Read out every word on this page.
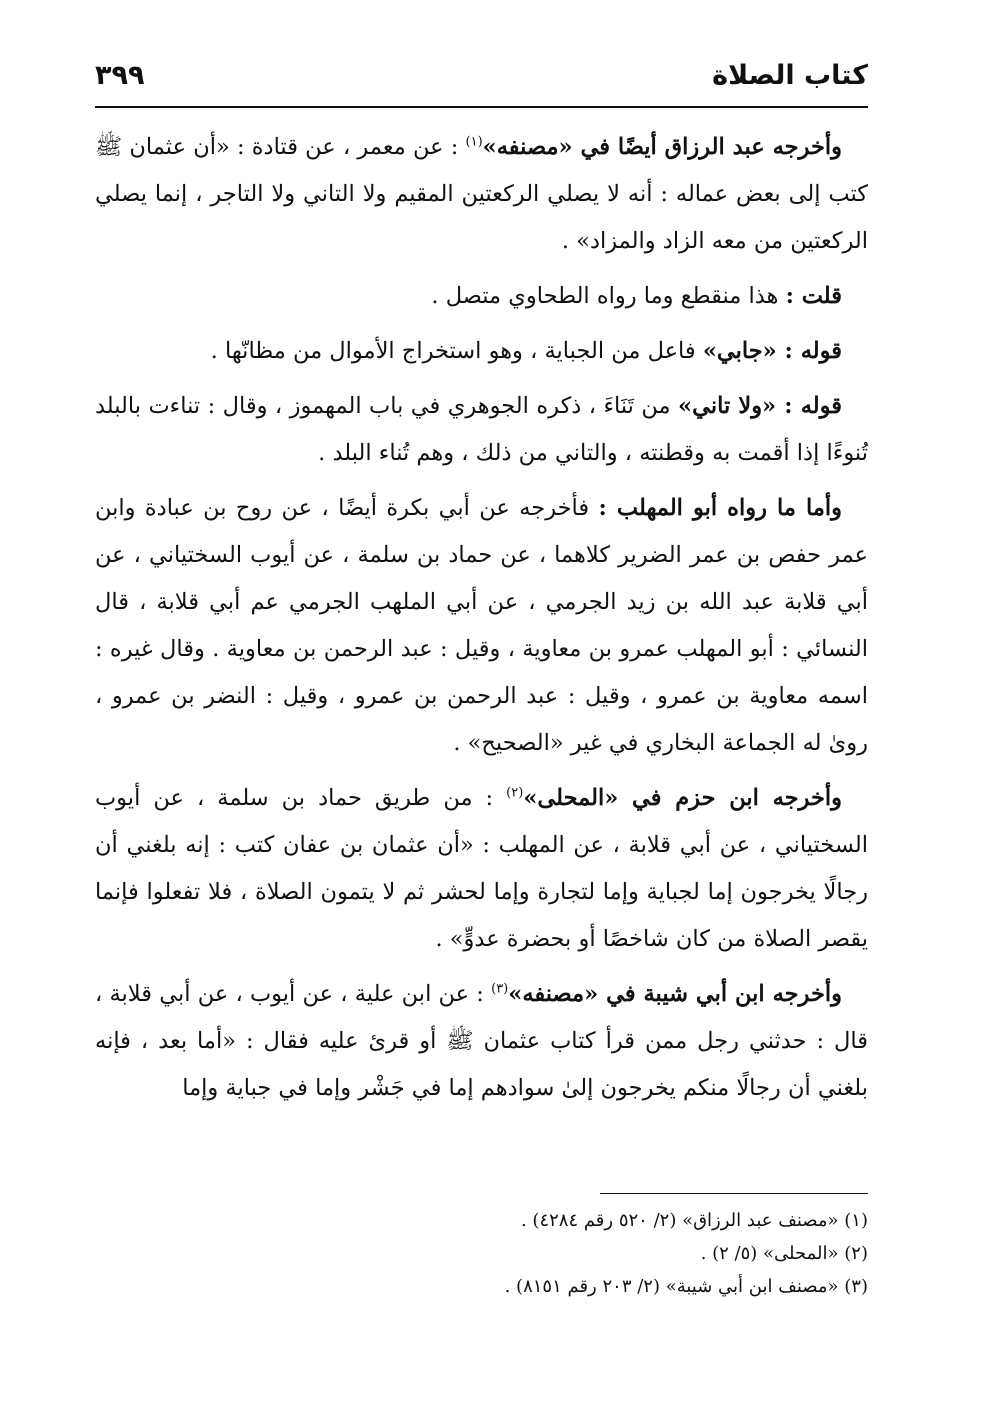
كتاب الصلاة
٣٩٩

وأخرجه عبد الرزاق أيضًا في «مصنفه»$^{(١)}$ : عن معمر ، عن قتادة : «أن عثمان ﷺ كتب إلى بعض عماله : أنه لا يصلي الركعتين المقيم ولا التاني ولا التاجر ، إنما يصلي الركعتين من معه الزاد والمزاد» .

قلت : هذا منقطع وما رواه الطحاوي متصل .

قوله : «جابي» فاعل من الجباية ، وهو استخراج الأموال من مظانّها .

قوله : «ولا تاني» من تَنَاءَ ، ذكره الجوهري في باب المهموز ، وقال : تناءت بالبلد تُنوءًا إذا أقمت به وقطنته ، والتاني من ذلك ، وهم تُناء البلد .

وأما ما رواه أبو المهلب : فأخرجه عن أبي بكرة أيضًا ، عن روح بن عبادة وابن عمر حفص بن عمر الضرير كلاهما ، عن حماد بن سلمة ، عن أيوب السختياني ، عن أبي قلابة عبد الله بن زيد الجرمي ، عن أبي الملهب الجرمي عم أبي قلابة ، قال النسائي : أبو المهلب عمرو بن معاوية ، وقيل : عبد الرحمن بن معاوية . وقال غيره : اسمه معاوية بن عمرو ، وقيل : عبد الرحمن بن عمرو ، وقيل : النضر بن عمرو ، روىٰ له الجماعة البخاري في غير «الصحيح» .

وأخرجه ابن حزم في «المحلى»$^{(٢)}$ : من طريق حماد بن سلمة ، عن أيوب السختياني ، عن أبي قلابة ، عن المهلب : «أن عثمان بن عفان كتب : إنه بلغني أن رجالًا يخرجون إما لجباية وإما لتجارة وإما لحشر ثم لا يتمون الصلاة ، فلا تفعلوا فإنما يقصر الصلاة من كان شاخصًا أو بحضرة عدوٍّ» .

وأخرجه ابن أبي شيبة في «مصنفه»$^{(٣)}$ : عن ابن علية ، عن أيوب ، عن أبي قلابة ، قال : حدثني رجل ممن قرأ كتاب عثمان ﷺ أو قرئ عليه فقال : «أما بعد ، فإنه بلغني أن رجالًا منكم يخرجون إلىٰ سوادهم إما في جَشْر وإما في جباية وإما

(١) «مصنف عبد الرزاق» (٢/ ٥٢٠ رقم ٤٢٨٤) .

(٢) «المحلى» (٥/ ٢) .

(٣) «مصنف ابن أبي شيبة» (٢/ ٢٠٣ رقم ٨١٥١) .
